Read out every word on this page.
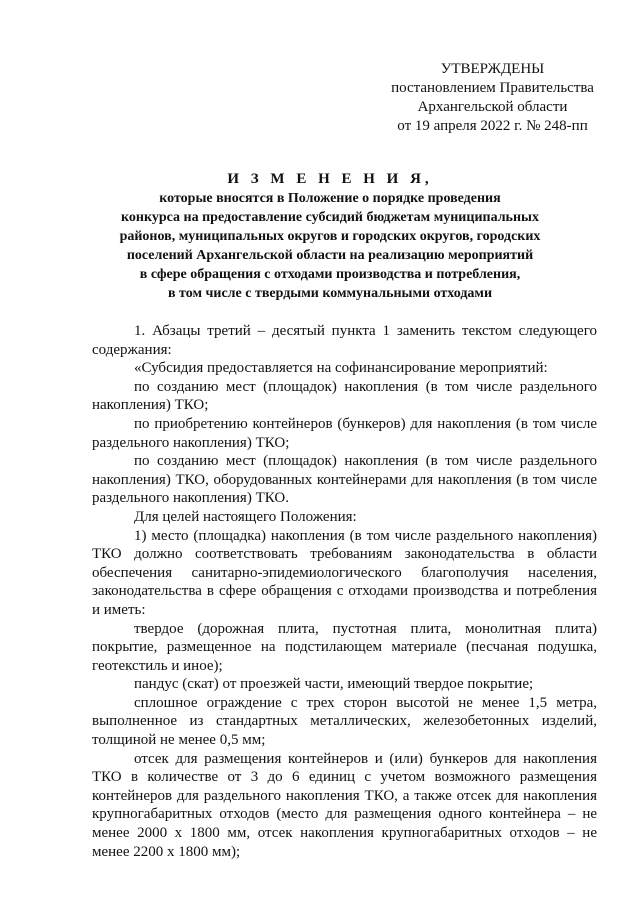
УТВЕРЖДЕНЫ
постановлением Правительства
Архангельской области
от 19 апреля 2022 г. № 248-пп
И З М Е Н Е Н И Я,
которые вносятся в Положение о порядке проведения
конкурса на предоставление субсидий бюджетам муниципальных
районов, муниципальных округов и городских округов, городских
поселений Архангельской области на реализацию мероприятий
в сфере обращения с отходами производства и потребления,
в том числе с твердыми коммунальными отходами

1. Абзацы третий – десятый пункта 1 заменить текстом следующего содержания:

«Субсидия предоставляется на софинансирование мероприятий:

по созданию мест (площадок) накопления (в том числе раздельного накопления) ТКО;

по приобретению контейнеров (бункеров) для накопления (в том числе раздельного накопления) ТКО;

по созданию мест (площадок) накопления (в том числе раздельного накопления) ТКО, оборудованных контейнерами для накопления (в том числе раздельного накопления) ТКО.

Для целей настоящего Положения:

1) место (площадка) накопления (в том числе раздельного накопления) ТКО должно соответствовать требованиям законодательства в области обеспечения санитарно-эпидемиологического благополучия населения, законодательства в сфере обращения с отходами производства и потребления и иметь:

твердое (дорожная плита, пустотная плита, монолитная плита) покрытие, размещенное на подстилающем материале (песчаная подушка, геотекстиль и иное);

пандус (скат) от проезжей части, имеющий твердое покрытие;

сплошное ограждение с трех сторон высотой не менее 1,5 метра, выполненное из стандартных металлических, железобетонных изделий, толщиной не менее 0,5 мм;

отсек для размещения контейнеров и (или) бункеров для накопления ТКО в количестве от 3 до 6 единиц с учетом возможного размещения контейнеров для раздельного накопления ТКО, а также отсек для накопления крупногабаритных отходов (место для размещения одного контейнера – не менее 2000 х 1800 мм, отсек накопления крупногабаритных отходов – не менее 2200 х 1800 мм);
